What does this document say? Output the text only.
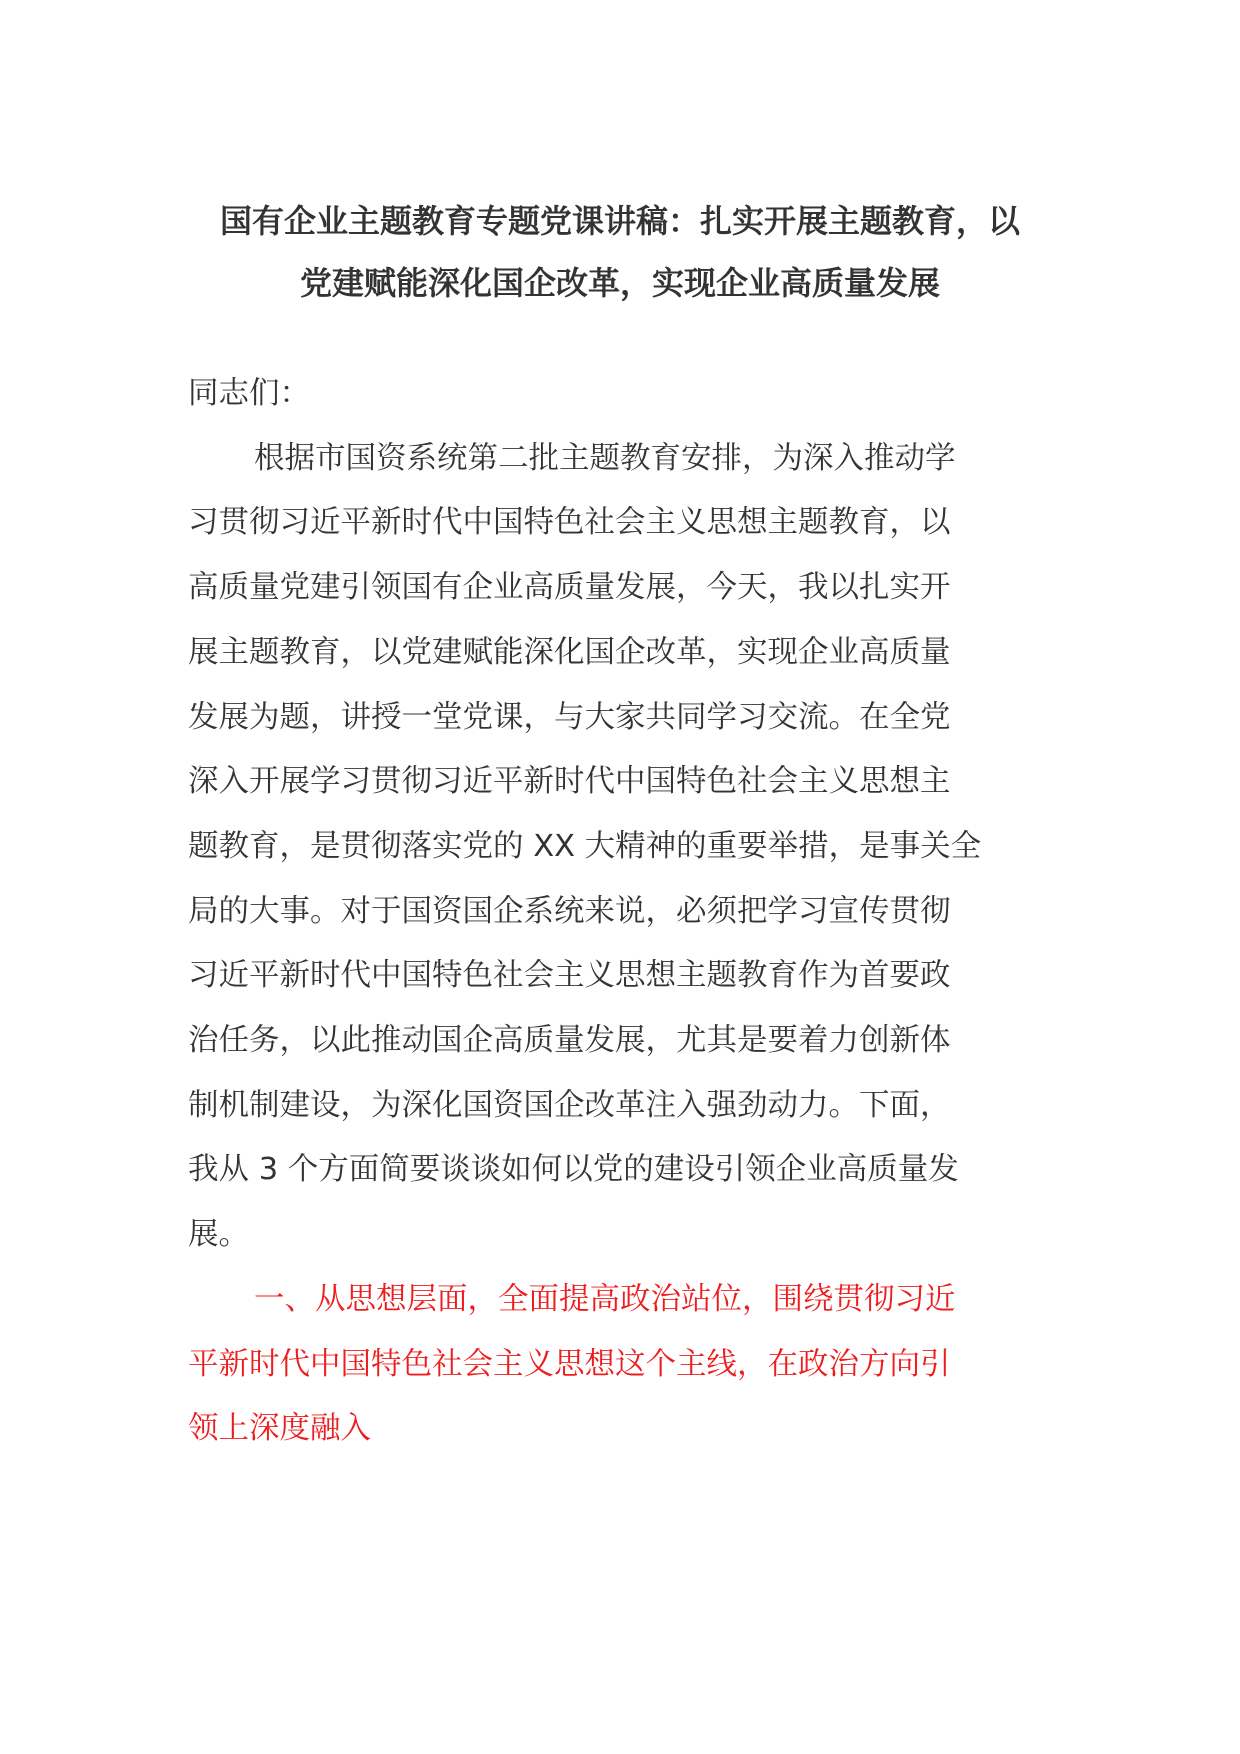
国有企业主题教育专题党课讲稿：扎实开展主题教育，以
党建赋能深化国企改革，实现企业高质量发展
同志们：
根据市国资系统第二批主题教育安排，为深入推动学
习贯彻习近平新时代中国特色社会主义思想主题教育，以
高质量党建引领国有企业高质量发展，今天，我以扎实开
展主题教育，以党建赋能深化国企改革，实现企业高质量
发展为题，讲授一堂党课，与大家共同学习交流。在全党
深入开展学习贯彻习近平新时代中国特色社会主义思想主
题教育，是贯彻落实党的 XX 大精神的重要举措，是事关全
局的大事。对于国资国企系统来说，必须把学习宣传贯彻
习近平新时代中国特色社会主义思想主题教育作为首要政
治任务，以此推动国企高质量发展，尤其是要着力创新体
制机制建设，为深化国资国企改革注入强劲动力。下面，
我从 3 个方面简要谈谈如何以党的建设引领企业高质量发
展。
一、从思想层面，全面提高政治站位，围绕贯彻习近
平新时代中国特色社会主义思想这个主线，在政治方向引
领上深度融入
